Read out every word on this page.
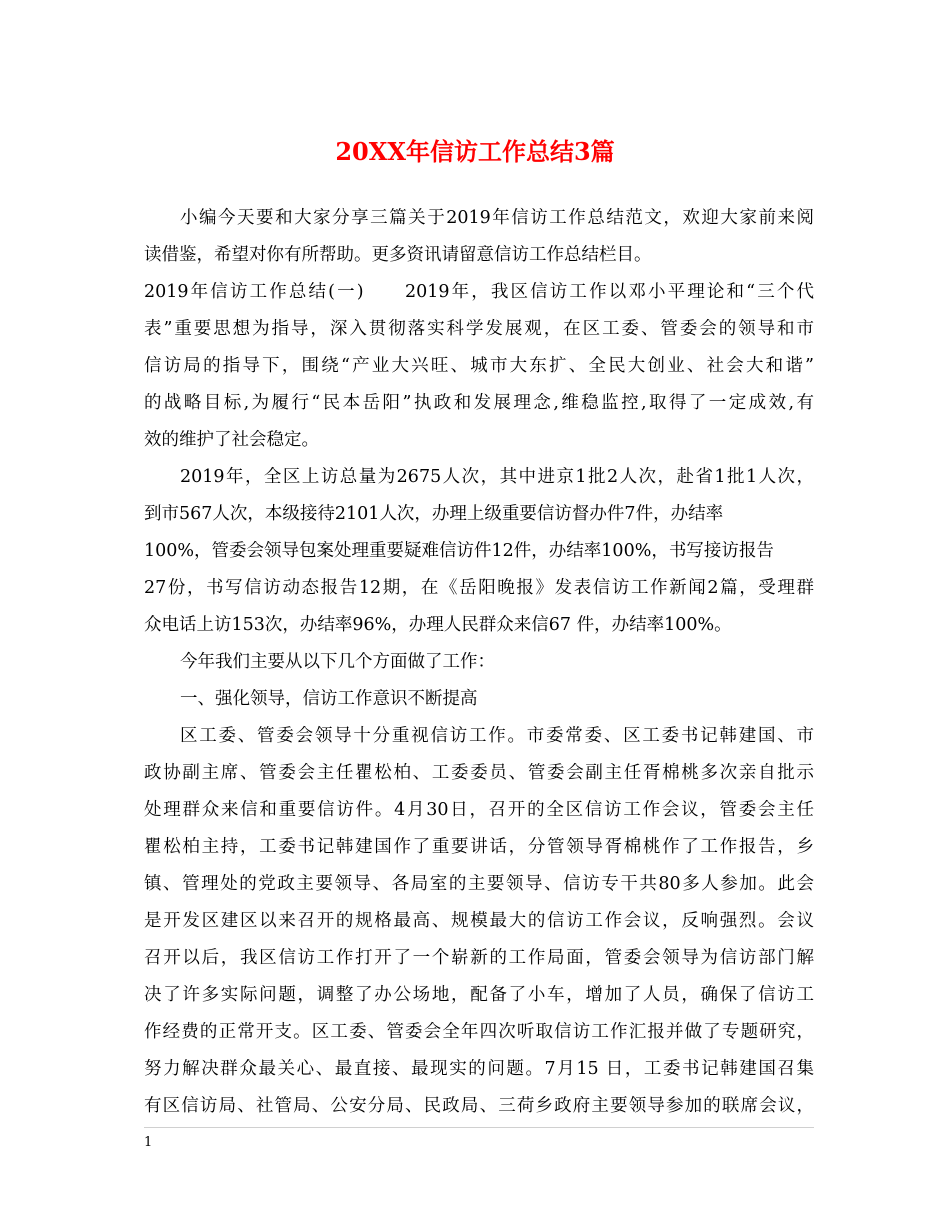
20XX年信访工作总结3篇

小编今天要和大家分享三篇关于2019年信访工作总结范文，欢迎大家前来阅

读借鉴，希望对你有所帮助。更多资讯请留意信访工作总结栏目。

2019年信访工作总结(一)　　2019年，我区信访工作以邓小平理论和“三个代

表”重要思想为指导，深入贯彻落实科学发展观，在区工委、管委会的领导和市

信访局的指导下，围绕“产业大兴旺、城市大东扩、全民大创业、社会大和谐”

的战略目标,为履行“民本岳阳”执政和发展理念,维稳监控,取得了一定成效,有

效的维护了社会稳定。

2019年，全区上访总量为2675人次，其中进京1批2人次，赴省1批1人次，

到市567人次，本级接待2101人次，办理上级重要信访督办件7件，办结率

100%，管委会领导包案处理重要疑难信访件12件，办结率100%，书写接访报告

27份，书写信访动态报告12期，在《岳阳晚报》发表信访工作新闻2篇，受理群

众电话上访153次，办结率96%，办理人民群众来信67 件，办结率100%。

今年我们主要从以下几个方面做了工作：

一、强化领导，信访工作意识不断提高

区工委、管委会领导十分重视信访工作。市委常委、区工委书记韩建国、市

政协副主席、管委会主任瞿松柏、工委委员、管委会副主任胥棉桃多次亲自批示

处理群众来信和重要信访件。4月30日，召开的全区信访工作会议，管委会主任

瞿松柏主持，工委书记韩建国作了重要讲话，分管领导胥棉桃作了工作报告，乡

镇、管理处的党政主要领导、各局室的主要领导、信访专干共80多人参加。此会

是开发区建区以来召开的规格最高、规模最大的信访工作会议，反响强烈。会议

召开以后，我区信访工作打开了一个崭新的工作局面，管委会领导为信访部门解

决了许多实际问题，调整了办公场地，配备了小车，增加了人员，确保了信访工

作经费的正常开支。区工委、管委会全年四次听取信访工作汇报并做了专题研究，

努力解决群众最关心、最直接、最现实的问题。7月15 日，工委书记韩建国召集

有区信访局、社管局、公安分局、民政局、三荷乡政府主要领导参加的联席会议，

1
